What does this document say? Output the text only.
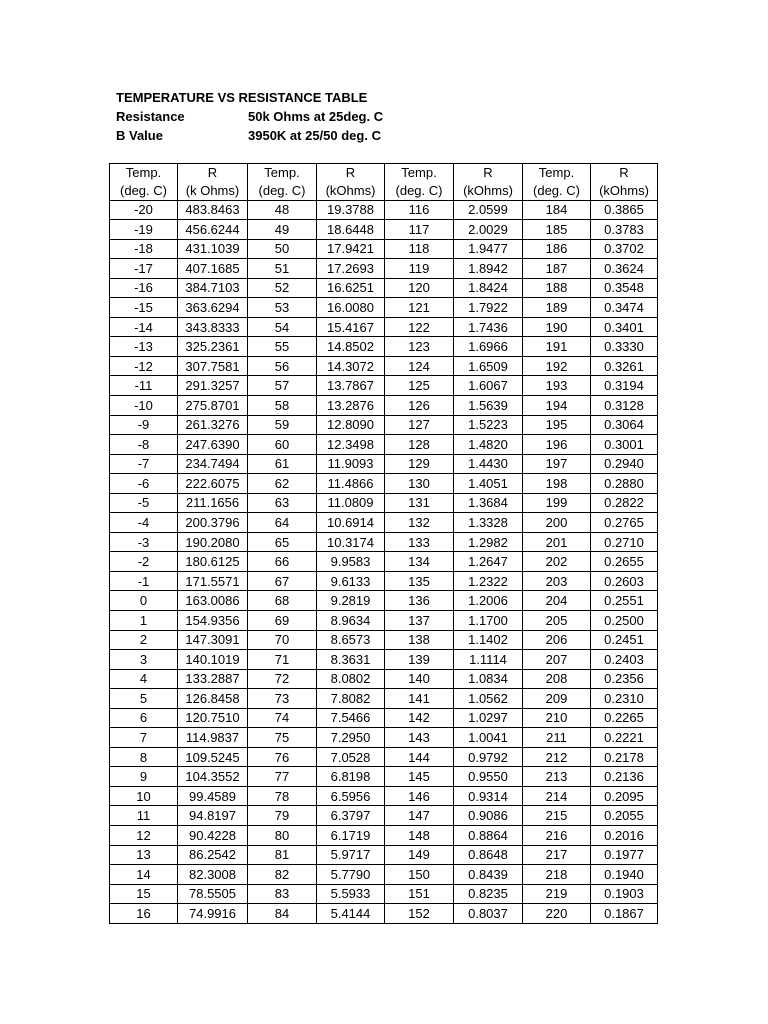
TEMPERATURE VS RESISTANCE TABLE
Resistance	50k Ohms at 25deg. C
B Value	3950K at 25/50 deg. C
Temp.	R	Temp.	R	Temp.	R	Temp.	R
(deg. C)	(k Ohms)	(deg. C)	(kOhms)	(deg. C)	(kOhms)	(deg. C)	(kOhms)
-20	483.8463	48	19.3788	116	2.0599	184	0.3865
-19	456.6244	49	18.6448	117	2.0029	185	0.3783
-18	431.1039	50	17.9421	118	1.9477	186	0.3702
-17	407.1685	51	17.2693	119	1.8942	187	0.3624
-16	384.7103	52	16.6251	120	1.8424	188	0.3548
-15	363.6294	53	16.0080	121	1.7922	189	0.3474
-14	343.8333	54	15.4167	122	1.7436	190	0.3401
-13	325.2361	55	14.8502	123	1.6966	191	0.3330
-12	307.7581	56	14.3072	124	1.6509	192	0.3261
-11	291.3257	57	13.7867	125	1.6067	193	0.3194
-10	275.8701	58	13.2876	126	1.5639	194	0.3128
-9	261.3276	59	12.8090	127	1.5223	195	0.3064
-8	247.6390	60	12.3498	128	1.4820	196	0.3001
-7	234.7494	61	11.9093	129	1.4430	197	0.2940
-6	222.6075	62	11.4866	130	1.4051	198	0.2880
-5	211.1656	63	11.0809	131	1.3684	199	0.2822
-4	200.3796	64	10.6914	132	1.3328	200	0.2765
-3	190.2080	65	10.3174	133	1.2982	201	0.2710
-2	180.6125	66	9.9583	134	1.2647	202	0.2655
-1	171.5571	67	9.6133	135	1.2322	203	0.2603
0	163.0086	68	9.2819	136	1.2006	204	0.2551
1	154.9356	69	8.9634	137	1.1700	205	0.2500
2	147.3091	70	8.6573	138	1.1402	206	0.2451
3	140.1019	71	8.3631	139	1.1114	207	0.2403
4	133.2887	72	8.0802	140	1.0834	208	0.2356
5	126.8458	73	7.8082	141	1.0562	209	0.2310
6	120.7510	74	7.5466	142	1.0297	210	0.2265
7	114.9837	75	7.2950	143	1.0041	211	0.2221
8	109.5245	76	7.0528	144	0.9792	212	0.2178
9	104.3552	77	6.8198	145	0.9550	213	0.2136
10	99.4589	78	6.5956	146	0.9314	214	0.2095
11	94.8197	79	6.3797	147	0.9086	215	0.2055
12	90.4228	80	6.1719	148	0.8864	216	0.2016
13	86.2542	81	5.9717	149	0.8648	217	0.1977
14	82.3008	82	5.7790	150	0.8439	218	0.1940
15	78.5505	83	5.5933	151	0.8235	219	0.1903
16	74.9916	84	5.4144	152	0.8037	220	0.1867
